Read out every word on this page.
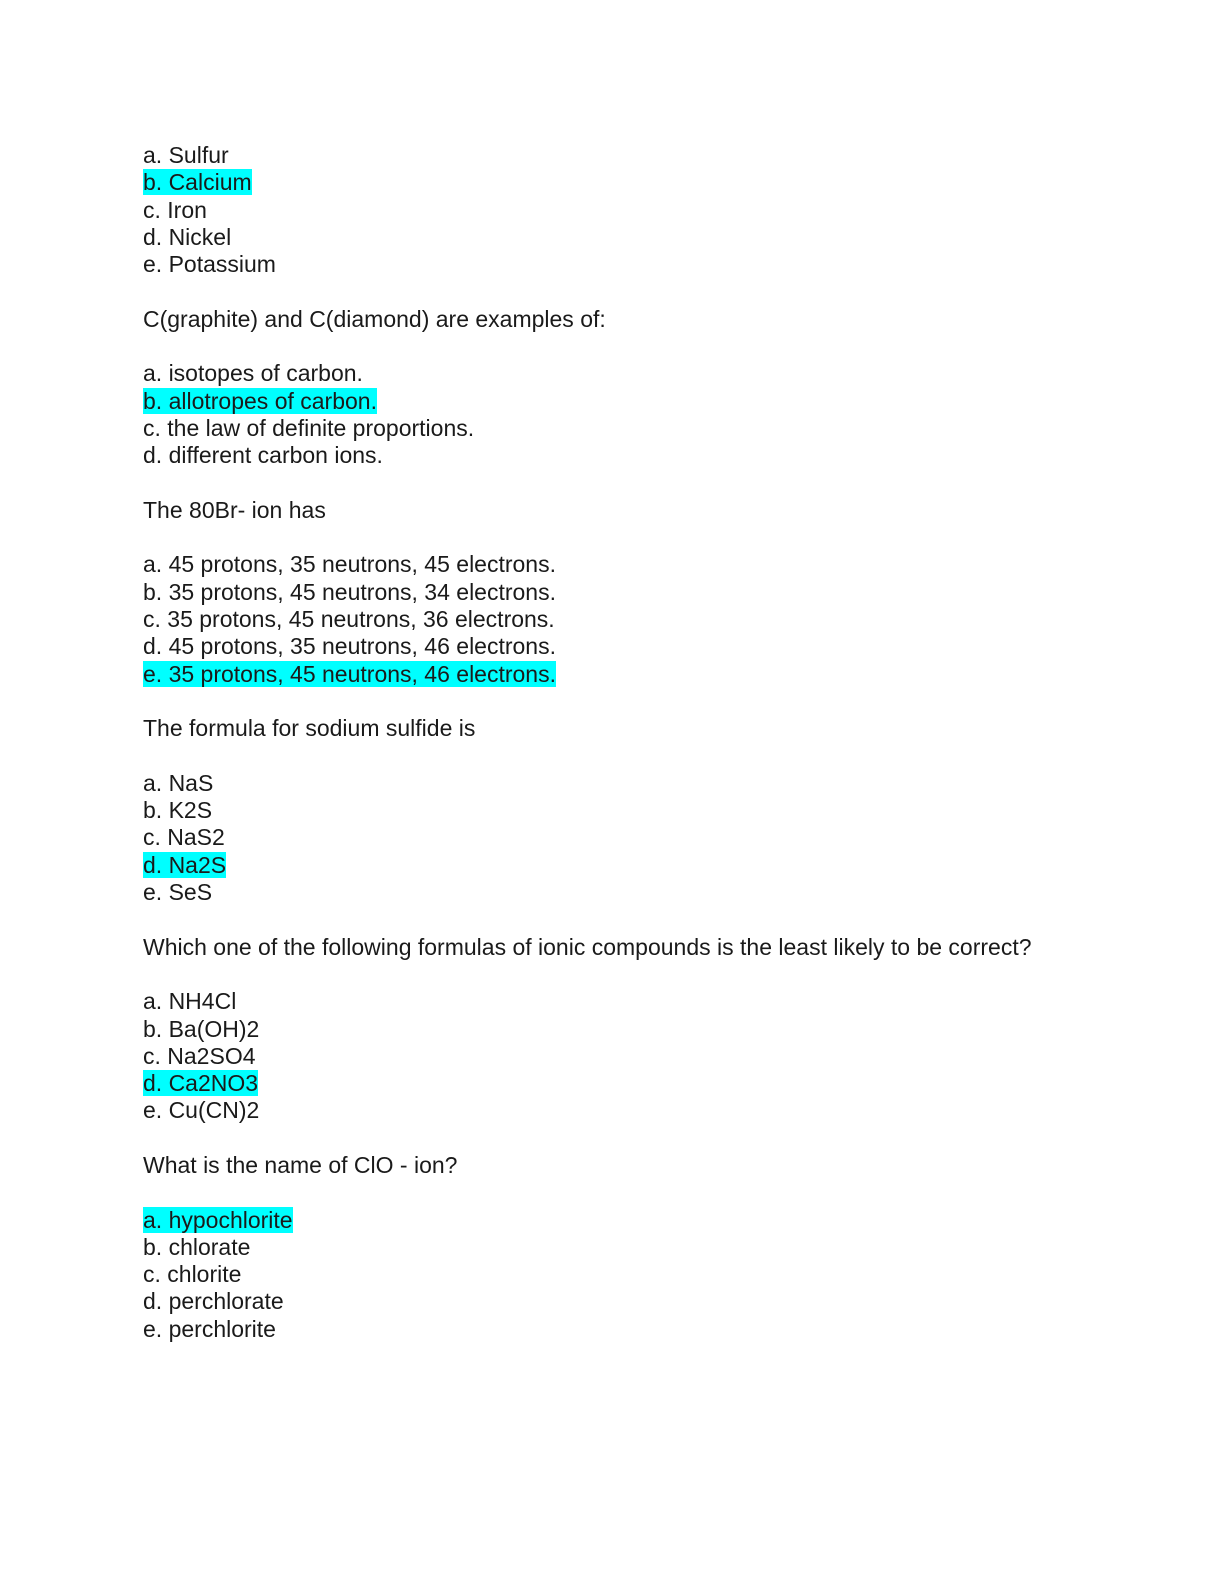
a. Sulfur
b. Calcium
c. Iron
d. Nickel
e. Potassium
C(graphite) and C(diamond) are examples of:
a. isotopes of carbon.
b. allotropes of carbon.
c. the law of definite proportions.
d. different carbon ions.
The 80Br- ion has
a. 45 protons, 35 neutrons, 45 electrons.
b. 35 protons, 45 neutrons, 34 electrons.
c. 35 protons, 45 neutrons, 36 electrons.
d. 45 protons, 35 neutrons, 46 electrons.
e. 35 protons, 45 neutrons, 46 electrons.
The formula for sodium sulfide is
a. NaS
b. K2S
c. NaS2
d. Na2S
e. SeS
Which one of the following formulas of ionic compounds is the least likely to be correct?
a. NH4Cl
b. Ba(OH)2
c. Na2SO4
d. Ca2NO3
e. Cu(CN)2
What is the name of ClO - ion?
a. hypochlorite
b. chlorate
c. chlorite
d. perchlorate
e. perchlorite
